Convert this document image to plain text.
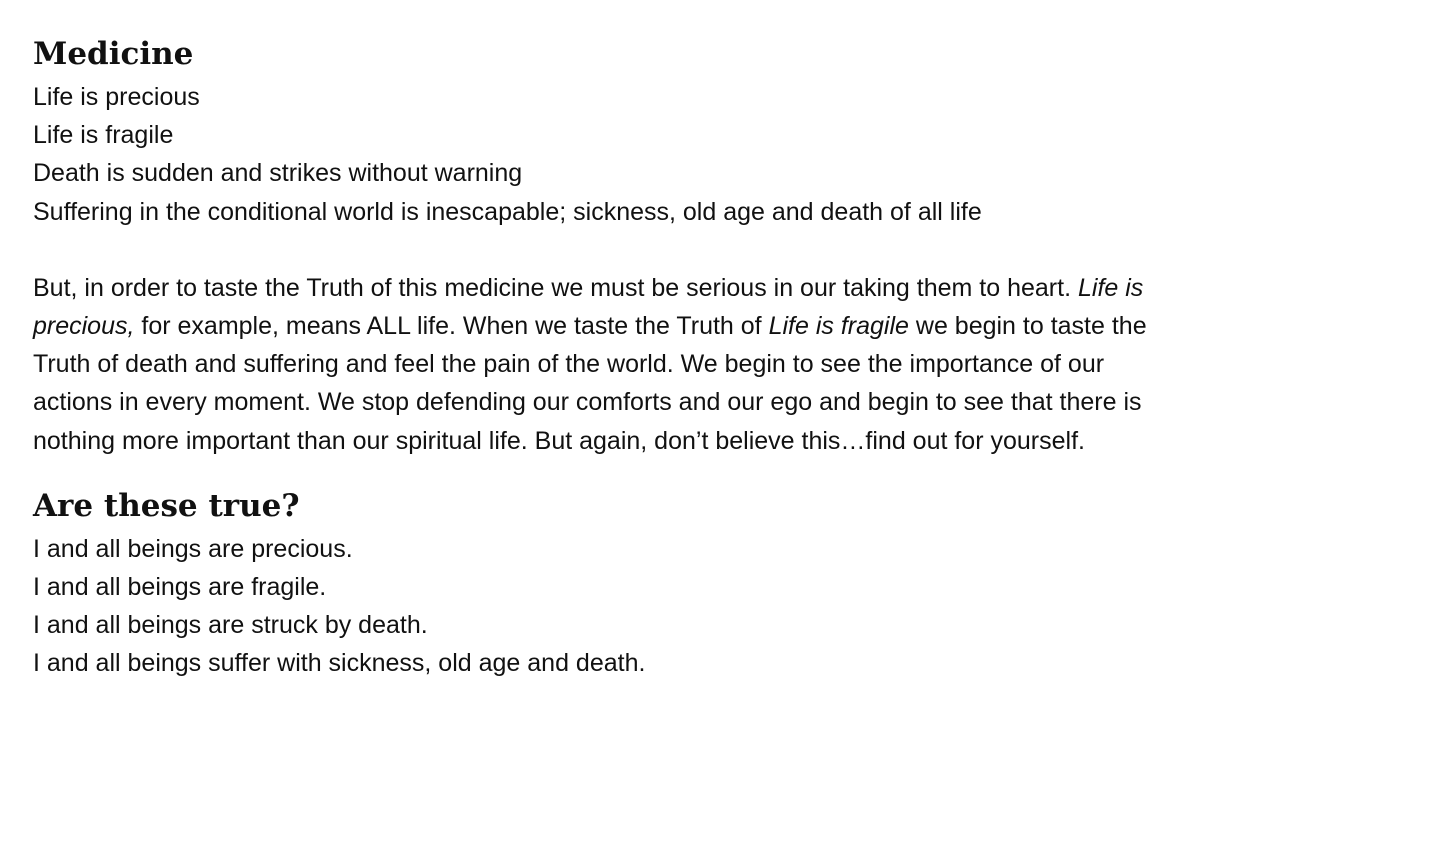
Medicine
Life is precious
Life is fragile
Death is sudden and strikes without warning
Suffering in the conditional world is inescapable; sickness, old age and death of all life
But, in order to taste the Truth of this medicine we must be serious in our taking them to heart. Life is
precious, for example, means ALL life. When we taste the Truth of Life is fragile we begin to taste the
Truth of death and suffering and feel the pain of the world. We begin to see the importance of our
actions in every moment. We stop defending our comforts and our ego and begin to see that there is
nothing more important than our spiritual life. But again, don’t believe this…find out for yourself.
Are these true?
I and all beings are precious.
I and all beings are fragile.
I and all beings are struck by death.
I and all beings suffer with sickness, old age and death.
